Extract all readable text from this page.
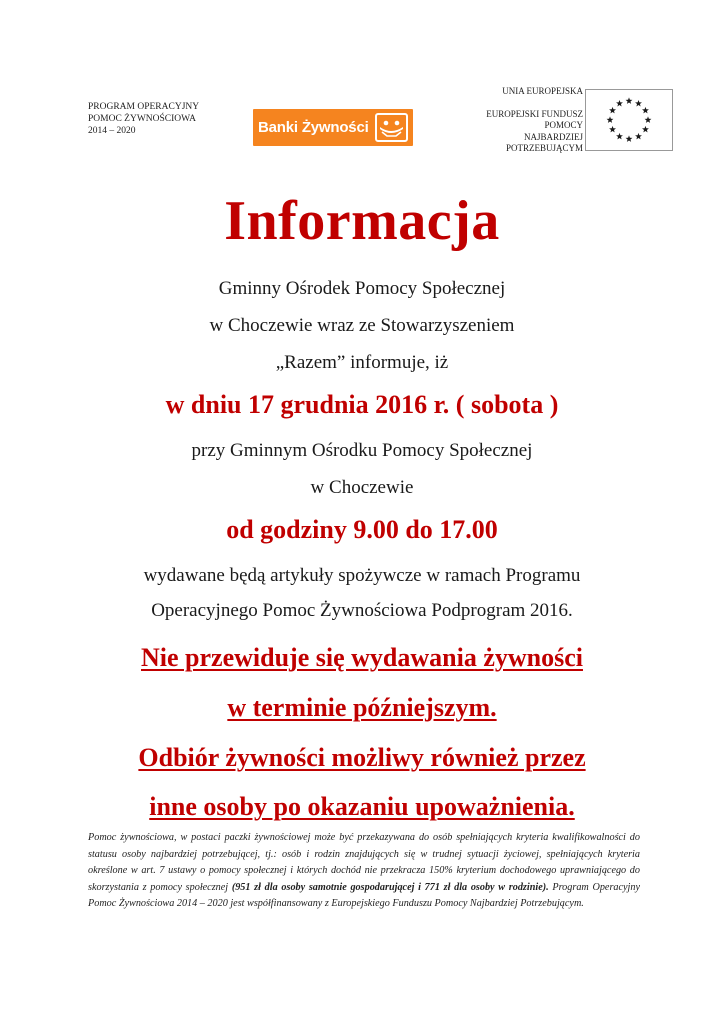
PROGRAM OPERACYJNY
POMOC ŻYWNOŚCIOWA
2014 – 2020	Banki Żywności
UNIA EUROPEJSKA
EUROPEJSKI FUNDUSZ
POMOCY
NAJBARDZIEJ
POTRZEBUJĄCYM
Informacja
Gminny Ośrodek Pomocy Społecznej
w Choczewie wraz ze Stowarzyszeniem
„Razem” informuje, iż
w dniu 17 grudnia 2016 r. ( sobota )
przy Gminnym Ośrodku Pomocy Społecznej
w Choczewie
od godziny 9.00 do 17.00
wydawane będą artykuły spożywcze w ramach Programu
Operacyjnego Pomoc Żywnościowa Podprogram 2016.
Nie przewiduje się wydawania żywności
w terminie późniejszym.
Odbiór żywności możliwy również przez
inne osoby po okazaniu upoważnienia.
Pomoc żywnościowa, w postaci paczki żywnościowej może być przekazywana do osób spełniających kryteria kwalifikowalności do statusu osoby najbardziej potrzebującej, tj.: osób i rodzin znajdujących się w trudnej sytuacji życiowej, spełniających kryteria określone w art. 7 ustawy o pomocy społecznej i których dochód nie przekracza 150% kryterium dochodowego uprawniającego do skorzystania z pomocy społecznej (951 zł dla osoby samotnie gospodarującej i 771 zł dla osoby w rodzinie). Program Operacyjny Pomoc Żywnościowa 2014 – 2020 jest współfinansowany z Europejskiego Funduszu Pomocy Najbardziej Potrzebującym.
